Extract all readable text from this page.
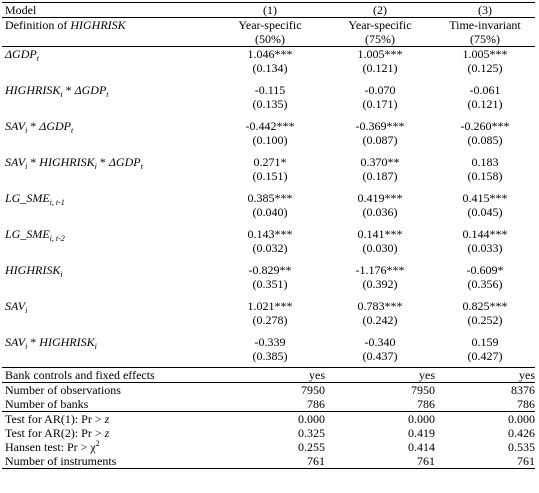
Model	(1)	(2)	(3)
Definition of HIGHRISK	Year-specific	Year-specific	Time-invariant
	(50%)	(75%)	(75%)
$\Delta GDP_t$	1.046***	1.005***	1.005***
	(0.134)	(0.121)	(0.125)

$HIGHRISK_i * \Delta GDP_t$	-0.115	-0.070	-0.061
	(0.135)	(0.171)	(0.121)

$SAV_i * \Delta GDP_t$	-0.442***	-0.369***	-0.260***
	(0.100)	(0.087)	(0.085)

$SAV_i$ * $HIGHRISK_i * \Delta GDP_t$	0.271*	0.370**	0.183
	(0.151)	(0.187)	(0.158)

$LG\_SME_{i, t-1}$	0.385***	0.419***	0.415***
	(0.040)	(0.036)	(0.045)

$LG\_SME_{i, t-2}$	0.143***	0.141***	0.144***
	(0.032)	(0.030)	(0.033)

$HIGHRISK_i$	-0.829**	-1.176***	-0.609*
	(0.351)	(0.392)	(0.356)

$SAV_i$	1.021***	0.783***	0.825***
	(0.278)	(0.242)	(0.252)

$SAV_i$ * $HIGHRISK_i$	-0.339	-0.340	0.159
	(0.385)	(0.437)	(0.427)
Bank controls and fixed effects	yes	yes	yes
Number of observations	7950	7950	8376
Number of banks	786	786	786
Test for AR(1): Pr > z	0.000	0.000	0.000
Test for AR(2): Pr > z	0.325	0.419	0.426
Hansen test: $Pr > \chi^2$	0.255	0.414	0.535
Number of instruments	761	761	761
